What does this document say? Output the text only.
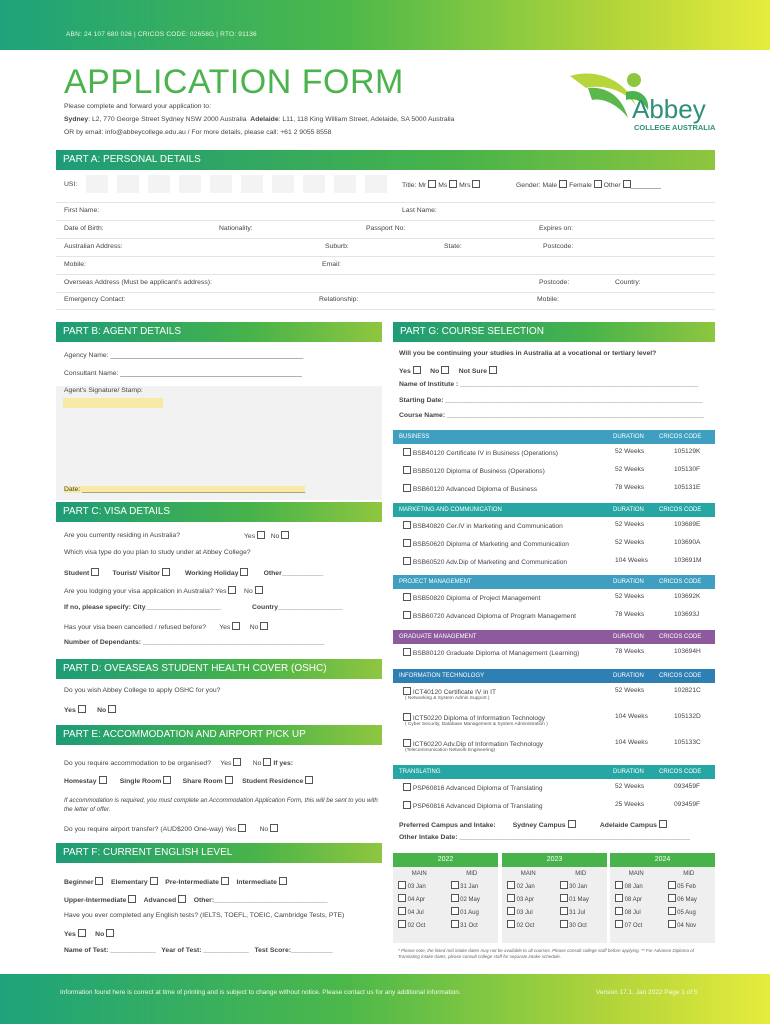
ABN: 24 107 680 026 | CRICOS CODE: 02658G | RTO: 91136
APPLICATION FORM
Please complete and forward your application to:
Sydney: L2, 770 George Street Sydney NSW 2000 Australia Adelaide: L11, 118 King William Street, Adelaide, SA 5000 Australia
OR by email: info@abbeycollege.edu.au / For more details, please call: +61 2 9055 8558
Abbey
COLLEGE AUSTRALIA
PART A: PERSONAL DETAILS
USI:	Title: Mr Ms Mrs	Gender: Male Female Other ________
First Name:	Last Name:
Date of Birth:	Nationality:	Passport No:	Expires on:
Australian Address:	Suburb:	State:	Postcode:
Mobile:	Email:
Overseas Address (Must be applicant's address):	Postcode:	Country:
Emergency Contact:	Relationship:	Mobile:
PART B: AGENT DETAILS
Agency Name: ___________________________________________________
Consultant Name: ________________________________________________
Agent's Signature/ Stamp:
Date: ___________________________________________________________
PART C: VISA DETAILS
Are you currently residing in Australia?	Yes No
Which visa type do you plan to study under at Abbey College?
Student	Tourist/ Visitor	Working Holiday	Other___________
Are you lodging your visa application in Australia? Yes	No
If no, please specify: City____________________	Country_________________
Has your visa been cancelled / refused before? Yes	No
Number of Dependants: ________________________________________________
PART D: OVEASEAS STUDENT HEALTH COVER (OSHC)
Do you wish Abbey College to apply OSHC for you?
Yes	No
PART E: ACCOMMODATION AND AIRPORT PICK UP
Do you require accommodation to be organised? Yes	No If yes:
Homestay	Single Room	Share Room	Student Residence
If accommodation is required, you must complete an Accommodation Application Form, this will be sent to you with the letter of offer.
Do you require airport transfer? (AUD$200 One-way) Yes	No
PART F: CURRENT ENGLISH LEVEL
Beginner	Elementary	Pre-Intermediate	Intermediate
Upper-Intermediate	Advanced	Other:______________________________
Have you ever completed any English tests? (IELTS, TOEFL, TOEIC, Cambridge Tests, PTE)
Yes	No
Name of Test: ____________ Year of Test: ____________ Test Score:___________
PART G: COURSE SELECTION
Will you be continuing your studies in Australia at a vocational or tertiary level?
Yes	No	Not Sure
Name of Institute : _______________________________________________________________
Starting Date: ____________________________________________________________________
Course Name: ____________________________________________________________________
BUSINESS	DURATION	CRICOS CODE
BSB40120 Certificate IV in Business (Operations)	52 Weeks	105129K
BSB50120 Diploma of Business (Operations)	52 Weeks	105130F
BSB60120 Advanced Diploma of Business	78 Weeks	105131E
MARKETING AND COMMUNICATION	DURATION	CRICOS CODE
BSB40820 Cer.IV in Marketing and Communication	52 Weeks	103689E
BSB50620 Diploma of Marketing and Communication	52 Weeks	103690A
BSB60520 Adv.Dip of Marketing and Communication	104 Weeks	103691M
PROJECT MANAGEMENT	DURATION	CRICOS CODE
BSB50820 Diploma of Project Management	52 Weeks	103692K
BSB60720 Advanced Diploma of Program Management	78 Weeks	103693J
GRADUATE MANAGEMENT	DURATION	CRICOS CODE
BSB80120 Graduate Diploma of Management (Learning)	78 Weeks	103694H
INFORMATION TECHNOLOGY	DURATION	CRICOS CODE
ICT40120 Certificate IV in IT	52 Weeks	102821C
( Networking & System Admin Support )
ICT50220 Diploma of Information Technology	104 Weeks	105132D
( Cyber Security, Database Management & System Administration )
ICT60220 Adv.Dip of Information Technology	104 Weeks	105133C
(Telecommunication Network Engineering)
TRANSLATING	DURATION	CRICOS CODE
PSP60816 Advanced Diploma of Translating	52 Weeks	093459F
PSP60816 Advanced Diploma of Translating	25 Weeks	093459F
Preferred Campus and Intake:	Sydney Campus	Adelaide Campus
Other Intake Date: _____________________________________________________________
2022
MAIN	MID
03 Jan	31 Jan
04 Apr	02 May
04 Jul	01 Aug
02 Oct	31 Oct
2023
MAIN	MID
02 Jan	30 Jan
03 Apr	01 May
03 Jul	31 Jul
02 Oct	30 Oct
2024
MAIN	MID
08 Jan	05 Feb
08 Apr	06 May
08 Jul	05 Aug
07 Oct	04 Nov
* Please note, the listed mid intake dates may not be available to all courses. Please consult college staff before applying. ** For Advance Diploma of Translating intake dates, please consult college staff for separate intake schedule.
Information found here is correct at time of printing and is subject to change without notice. Please contact us for any additional information.	Version 17.1, Jan 2022 Page 1 of 5
